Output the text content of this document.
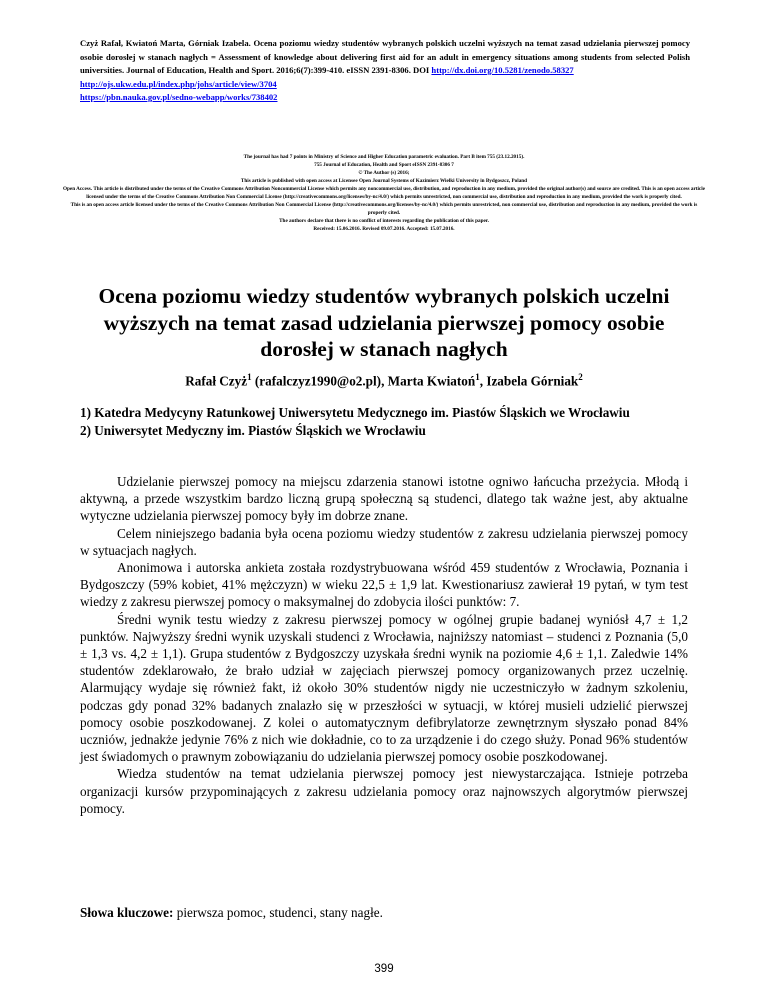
Czyż Rafał, Kwiatoń Marta, Górniak Izabela. Ocena poziomu wiedzy studentów wybranych polskich uczelni wyższych na temat zasad udzielania pierwszej pomocy osobie dorosłej w stanach nagłych = Assessment of knowledge about delivering first aid for an adult in emergency situations among students from selected Polish universities. Journal of Education, Health and Sport. 2016;6(7):399-410. eISSN 2391-8306. DOI http://dx.doi.org/10.5281/zenodo.58327
http://ojs.ukw.edu.pl/index.php/johs/article/view/3704
https://pbn.nauka.gov.pl/sedno-webapp/works/738402
The journal has had 7 points in Ministry of Science and Higher Education parametric evaluation. Part B item 755 (23.12.2015).
755 Journal of Education, Health and Sport eISSN 2391-8306 7
© The Author (s) 2016;
This article is published with open access at Licensee Open Journal Systems of Kazimierz Wielki University in Bydgoszcz, Poland
Open Access. This article is distributed under the terms of the Creative Commons Attribution Noncommercial License which permits any noncommercial use, distribution, and reproduction in any medium, provided the original author(s) and source are credited. This is an open access article licensed under the terms of the Creative Commons Attribution Non Commercial License (http://creativecommons.org/licenses/by-nc/4.0/) which permits unrestricted, non commercial use, distribution and reproduction in any medium, provided the work is properly cited.
This is an open access article licensed under the terms of the Creative Commons Attribution Non Commercial License (http://creativecommons.org/licenses/by-nc/4.0/) which permits unrestricted, non commercial use, distribution and reproduction in any medium, provided the work is properly cited.
The authors declare that there is no conflict of interests regarding the publication of this paper.
Received: 15.06.2016. Revised 09.07.2016. Accepted: 15.07.2016.
Ocena poziomu wiedzy studentów wybranych polskich uczelni wyższych na temat zasad udzielania pierwszej pomocy osobie dorosłej w stanach nagłych
Rafał Czyż$^1$ (rafalczyz1990@o2.pl), Marta Kwiatoń$^1$, Izabela Górniak$^2$
1) Katedra Medycyny Ratunkowej Uniwersytetu Medycznego im. Piastów Śląskich we Wrocławiu
2) Uniwersytet Medyczny im. Piastów Śląskich we Wrocławiu

Udzielanie pierwszej pomocy na miejscu zdarzenia stanowi istotne ogniwo łańcucha przeżycia. Młodą i aktywną, a przede wszystkim bardzo liczną grupą społeczną są studenci, dlatego tak ważne jest, aby aktualne wytyczne udzielania pierwszej pomocy były im dobrze znane.

Celem niniejszego badania była ocena poziomu wiedzy studentów z zakresu udzielania pierwszej pomocy w sytuacjach nagłych.

Anonimowa i autorska ankieta została rozdystrybuowana wśród 459 studentów z Wrocławia, Poznania i Bydgoszczy (59% kobiet, 41% mężczyzn) w wieku 22,5 ± 1,9 lat. Kwestionariusz zawierał 19 pytań, w tym test wiedzy z zakresu pierwszej pomocy o maksymalnej do zdobycia ilości punktów: 7.

Średni wynik testu wiedzy z zakresu pierwszej pomocy w ogólnej grupie badanej wyniósł 4,7 ± 1,2 punktów. Najwyższy średni wynik uzyskali studenci z Wrocławia, najniższy natomiast – studenci z Poznania (5,0 ± 1,3 vs. 4,2 ± 1,1). Grupa studentów z Bydgoszczy uzyskała średni wynik na poziomie 4,6 ± 1,1. Zaledwie 14% studentów zdeklarowało, że brało udział w zajęciach pierwszej pomocy organizowanych przez uczelnię. Alarmujący wydaje się również fakt, iż około 30% studentów nigdy nie uczestniczyło w żadnym szkoleniu, podczas gdy ponad 32% badanych znalazło się w przeszłości w sytuacji, w której musieli udzielić pierwszej pomocy osobie poszkodowanej. Z kolei o automatycznym defibrylatorze zewnętrznym słyszało ponad 84% uczniów, jednakże jedynie 76% z nich wie dokładnie, co to za urządzenie i do czego służy. Ponad 96% studentów jest świadomych o prawnym zobowiązaniu do udzielania pierwszej pomocy osobie poszkodowanej.

Wiedza studentów na temat udzielania pierwszej pomocy jest niewystarczająca. Istnieje potrzeba organizacji kursów przypominających z zakresu udzielania pomocy oraz najnowszych algorytmów pierwszej pomocy.

Słowa kluczowe: pierwsza pomoc, studenci, stany nagłe.
399
